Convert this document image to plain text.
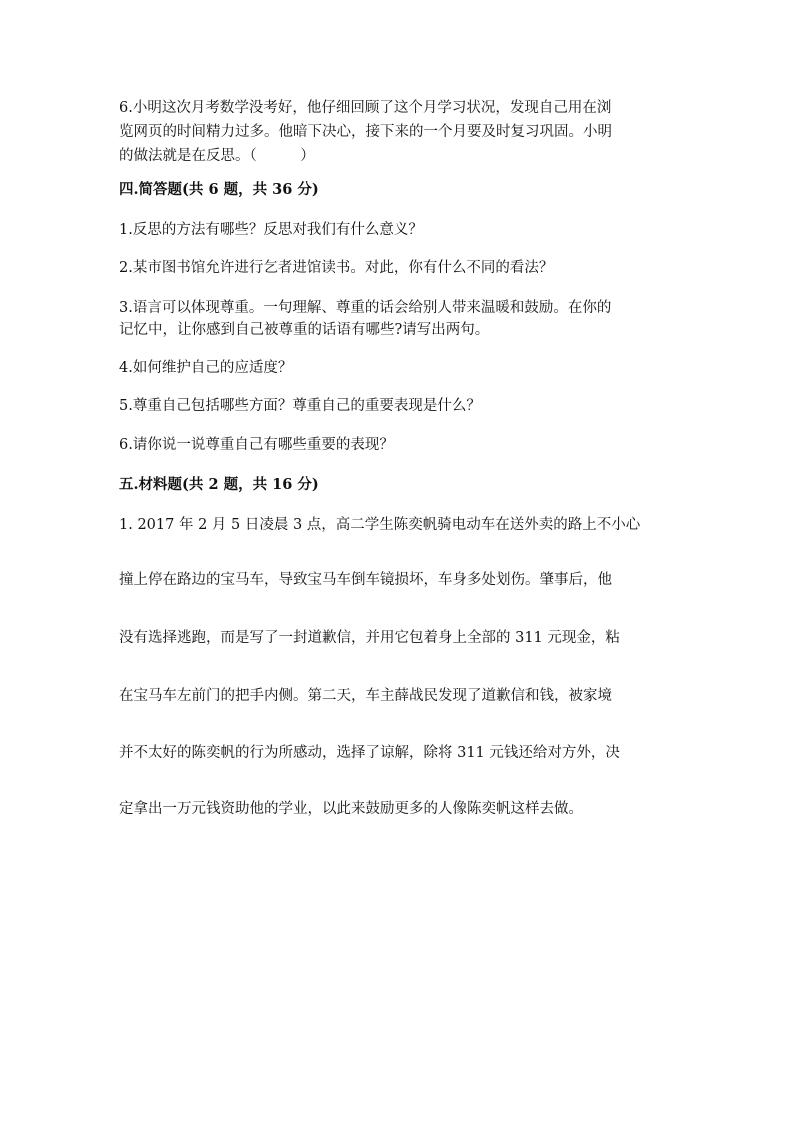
6.小明这次月考数学没考好，他仔细回顾了这个月学习状况，发现自己用在浏

览网页的时间精力过多。他暗下决心，接下来的一个月要及时复习巩固。小明

的做法就是在反思。（　　　）

四.简答题(共 6 题，共 36 分)

1.反思的方法有哪些？反思对我们有什么意义？

2.某市图书馆允许进行乞者进馆读书。对此，你有什么不同的看法？

3.语言可以体现尊重。一句理解、尊重的话会给别人带来温暖和鼓励。在你的

记忆中，让你感到自己被尊重的话语有哪些?请写出两句。

4.如何维护自己的应适度？

5.尊重自己包括哪些方面？尊重自己的重要表现是什么？

6.请你说一说尊重自己有哪些重要的表现？

五.材料题(共 2 题，共 16 分)

1. 2017 年 2 月 5 日凌晨 3 点，高二学生陈奕帆骑电动车在送外卖的路上不小心

撞上停在路边的宝马车，导致宝马车倒车镜损坏，车身多处划伤。肇事后，他

没有选择逃跑，而是写了一封道歉信，并用它包着身上全部的 311 元现金，粘

在宝马车左前门的把手内侧。第二天，车主薛战民发现了道歉信和钱，被家境

并不太好的陈奕帆的行为所感动，选择了谅解，除将 311 元钱还给对方外，决

定拿出一万元钱资助他的学业，以此来鼓励更多的人像陈奕帆这样去做。
